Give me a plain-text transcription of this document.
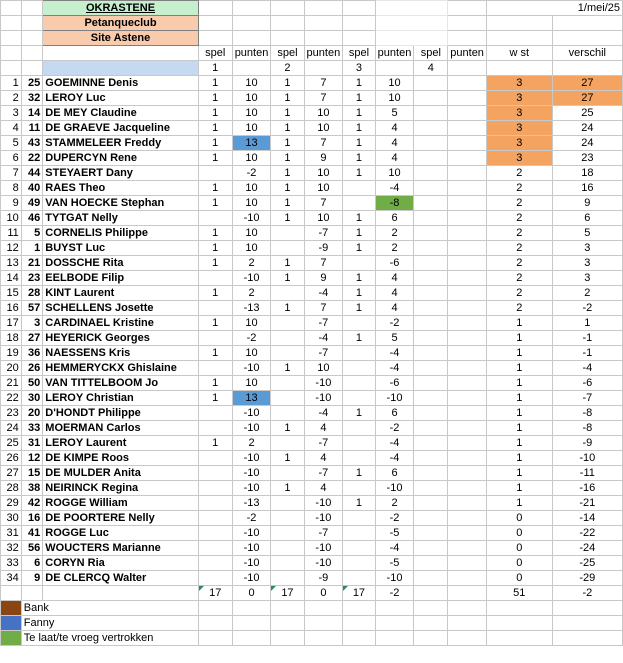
		OKRASTENE									1/mei/25	
		Petanqueclub										
		Site Astene										
			spel	punten	spel	punten	spel	punten	spel	punten	w st	verschil
			1		2		3		4			
1	25	GOEMINNE Denis	1	10	1	7	1	10			3	27
2	32	LEROY Luc	1	10	1	7	1	10			3	27
3	14	DE MEY Claudine	1	10	1	10	1	5			3	25
4	11	DE GRAEVE Jacqueline	1	10	1	10	1	4			3	24
5	43	STAMMELEER Freddy	1	13	1	7	1	4			3	24
6	22	DUPERCYN Rene	1	10	1	9	1	4			3	23
7	44	STEYAERT Dany		-2	1	10	1	10			2	18
8	40	RAES Theo	1	10	1	10		-4			2	16
9	49	VAN HOECKE Stephan	1	10	1	7		-8			2	9
10	46	TYTGAT Nelly		-10	1	10	1	6			2	6
11	5	CORNELIS Philippe	1	10		-7	1	2			2	5
12	1	BUYST Luc	1	10		-9	1	2			2	3
13	21	DOSSCHE Rita	1	2	1	7		-6			2	3
14	23	EELBODE Filip		-10	1	9	1	4			2	3
15	28	KINT Laurent	1	2		-4	1	4			2	2
16	57	SCHELLENS Josette		-13	1	7	1	4			2	-2
17	3	CARDINAEL Kristine	1	10		-7		-2			1	1
18	27	HEYERICK Georges		-2		-4	1	5			1	-1
19	36	NAESSENS Kris	1	10		-7		-4			1	-1
20	26	HEMMERYCKX Ghislaine		-10	1	10		-4			1	-4
21	50	VAN TITTELBOOM Jo	1	10		-10		-6			1	-6
22	30	LEROY Christian	1	13		-10		-10			1	-7
23	20	D'HONDT Philippe		-10		-4	1	6			1	-8
24	33	MOERMAN Carlos		-10	1	4		-2			1	-8
25	31	LEROY Laurent	1	2		-7		-4			1	-9
26	12	DE KIMPE Roos		-10	1	4		-4			1	-10
27	15	DE MULDER Anita		-10		-7	1	6			1	-11
28	38	NEIRINCK Regina		-10	1	4		-10			1	-16
29	42	ROGGE William		-13		-10	1	2			1	-21
30	16	DE POORTERE Nelly		-2		-10		-2			0	-14
31	41	ROGGE Luc		-10		-7		-5			0	-22
32	56	WOUCTERS Marianne		-10		-10		-4			0	-24
33	6	CORYN Ria		-10		-10		-5			0	-25
34	9	DE CLERCQ Walter		-10		-9		-10			0	-29
			17	0	17	0	17	-2			51	-2
	Bank											
	Fanny											
	Te laat/te vroeg vertrokken											
